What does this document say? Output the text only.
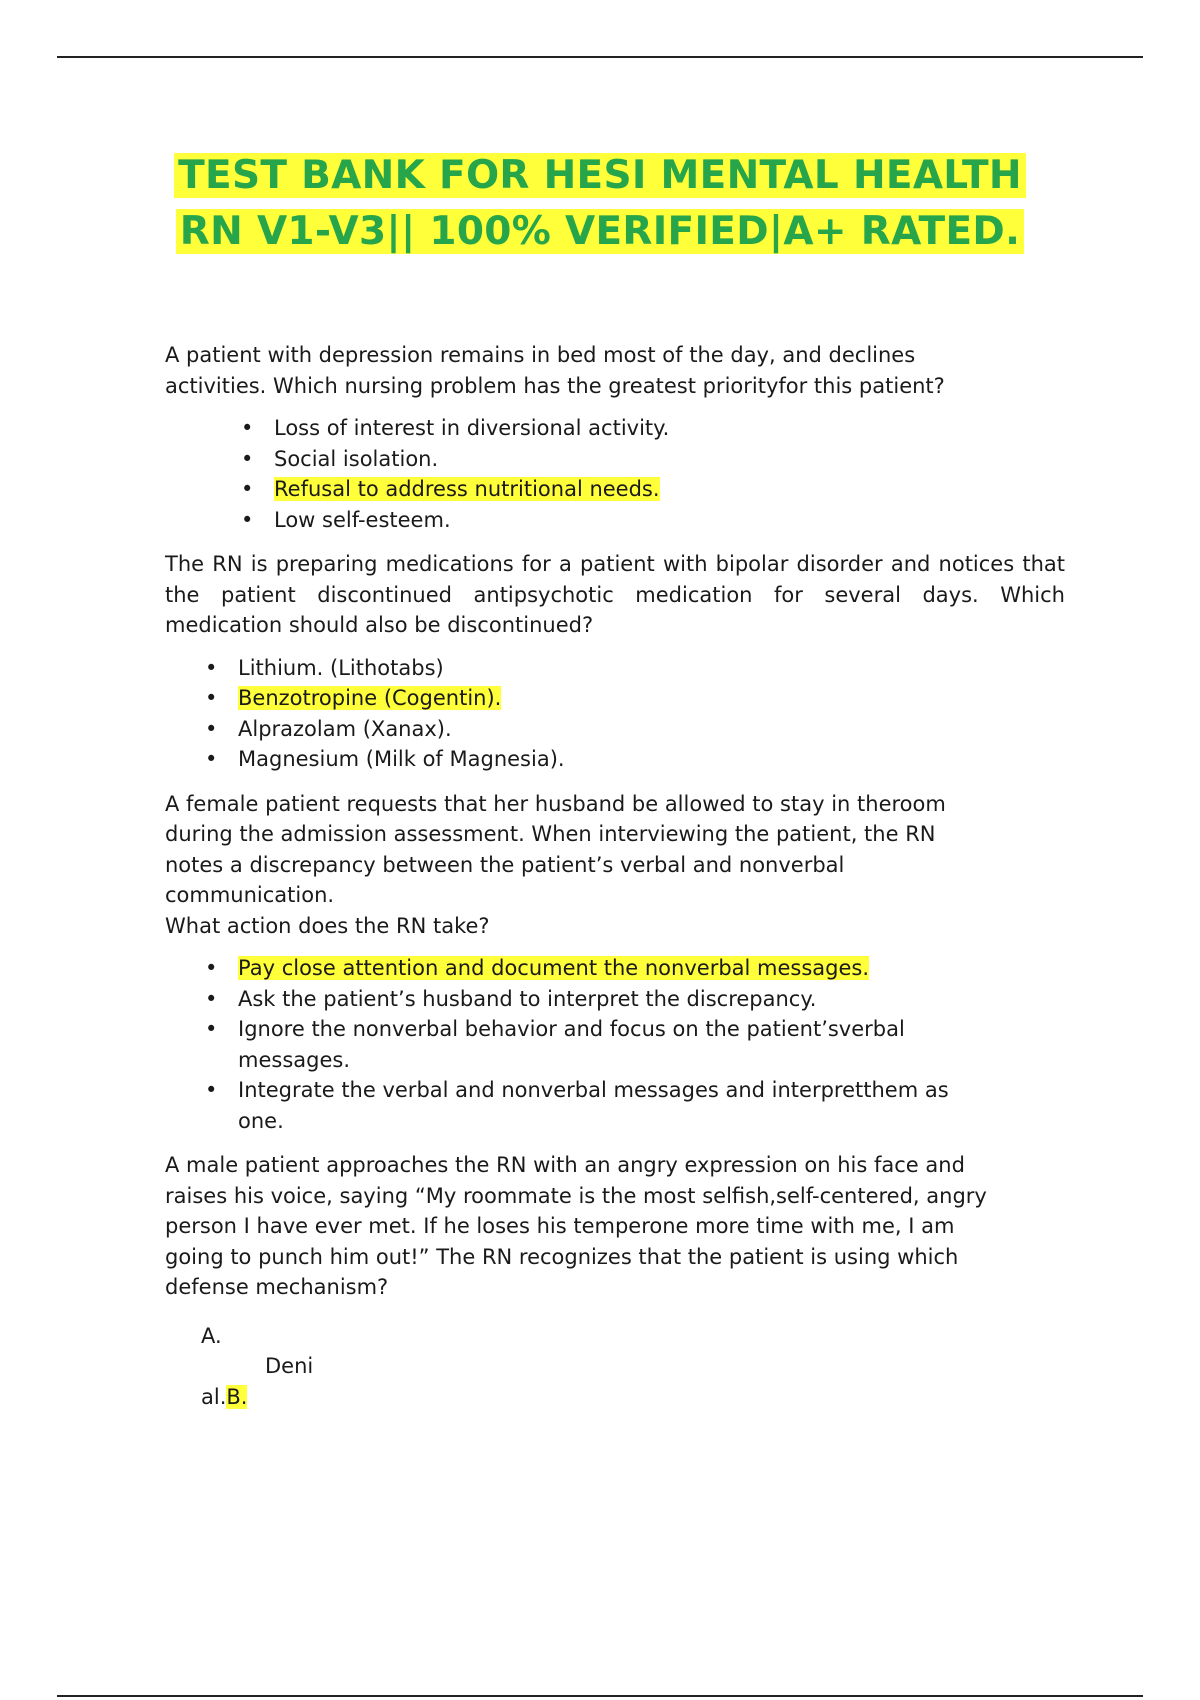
TEST BANK FOR HESI MENTAL HEALTH
RN V1-V3|| 100% VERIFIED|A+ RATED.

A patient with depression remains in bed most of the day, and declines activities. Which nursing problem has the greatest priorityfor this patient?

• Loss of interest in diversional activity.
• Social isolation.
• Refusal to address nutritional needs.
• Low self-esteem.

The RN is preparing medications for a patient with bipolar disorder and notices that the patient discontinued antipsychotic medication for several days. Which medication should also be discontinued?

• Lithium. (Lithotabs)
• Benzotropine (Cogentin).
• Alprazolam (Xanax).
• Magnesium (Milk of Magnesia).

A female patient requests that her husband be allowed to stay in theroom during the admission assessment. When interviewing the patient, the RN notes a discrepancy between the patient’s verbal and nonverbal communication.

What action does the RN take?

• Pay close attention and document the nonverbal messages.
• Ask the patient’s husband to interpret the discrepancy.
• Ignore the nonverbal behavior and focus on the patient’sverbal messages.
• Integrate the verbal and nonverbal messages and interpretthem as one.

A male patient approaches the RN with an angry expression on his face and raises his voice, saying “My roommate is the most selfish,self-centered, angry person I have ever met. If he loses his temperone more time with me, I am going to punch him out!” The RN recognizes that the patient is using which defense mechanism?

A.
Deni
al.B.
